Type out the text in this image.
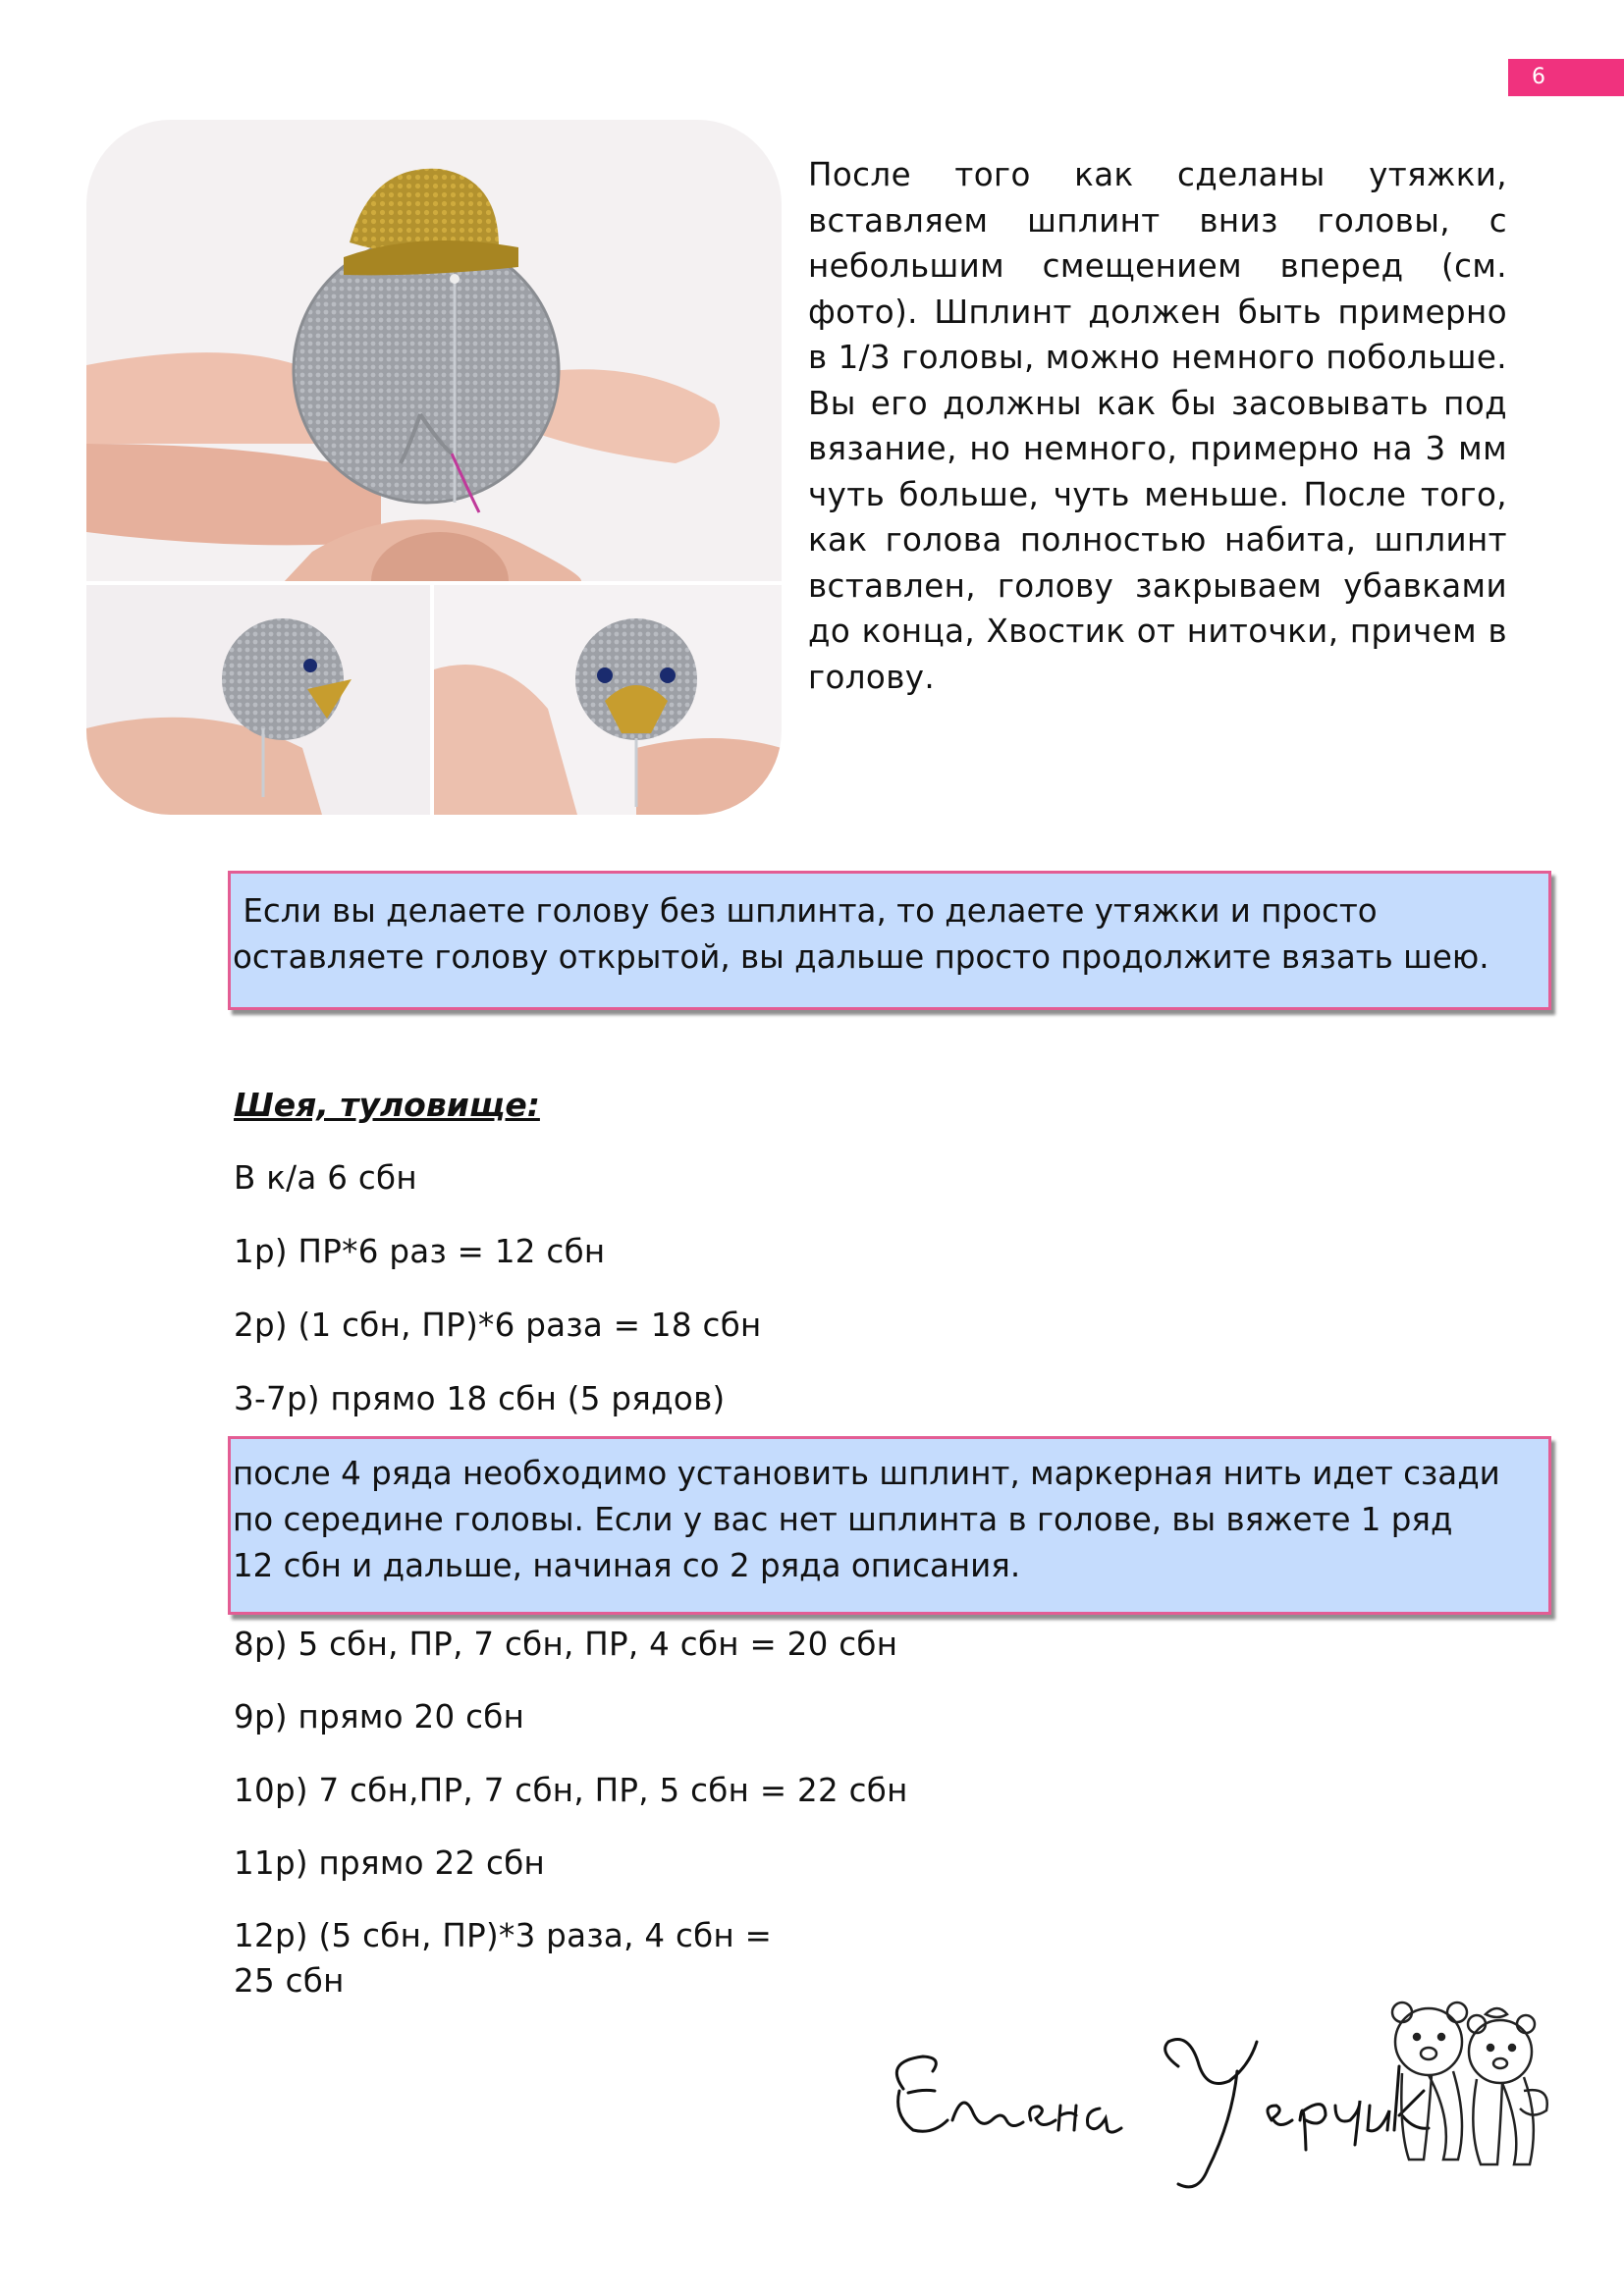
6
После того как сделаны утяжки, вставляем шплинт вниз головы, с небольшим смещением вперед (см. фото). Шплинт должен быть примерно в 1/3 головы, можно немного побольше. Вы его должны как бы засовывать под вязание, но немного, примерно на 3 мм чуть больше, чуть меньше. После того, как голова полностью набита, шплинт вставлен, голову закрываем убавками до конца, Хвостик от ниточки, причем в голову.
Если вы делаете голову без шплинта, то делаете утяжки и просто
оставляете голову открытой, вы дальше просто продолжите вязать шею.
Шея, туловище:
В к/а 6 сбн
1р) ПР*6 раз = 12 сбн
2р) (1 сбн, ПР)*6 раза = 18 сбн
3-7р) прямо 18 сбн (5 рядов)
после 4 ряда необходимо установить шплинт, маркерная нить идет сзади
по середине головы. Если у вас нет шплинта в голове, вы вяжете 1 ряд
12 сбн и дальше, начиная со 2 ряда описания.
8р) 5 сбн, ПР, 7 сбн, ПР, 4 сбн = 20 сбн
9р) прямо 20 сбн
10р) 7 сбн,ПР, 7 сбн, ПР, 5 сбн = 22 сбн
11р) прямо 22 сбн
12р) (5 сбн, ПР)*3 раза, 4 сбн =
25 сбн
